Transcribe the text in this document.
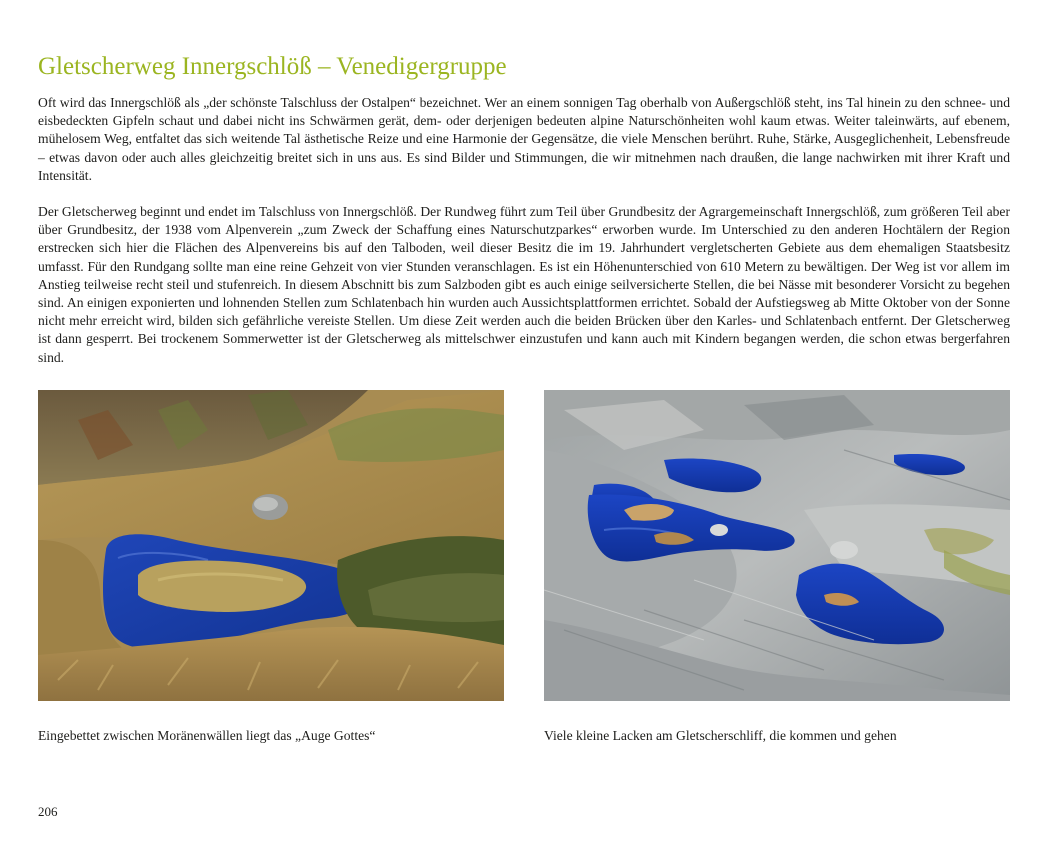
Gletscherweg Innergschlöß – Venedigergruppe

Oft wird das Innergschlöß als „der schönste Talschluss der Ostalpen“ bezeichnet. Wer an einem sonnigen Tag oberhalb von Außergschlöß steht, ins Tal hinein zu den schnee- und eisbedeckten Gipfeln schaut und dabei nicht ins Schwärmen gerät, dem- oder derjenigen bedeuten alpine Naturschönheiten wohl kaum etwas. Weiter taleinwärts, auf ebenem, mühelosem Weg, entfaltet das sich weitende Tal ästhetische Reize und eine Harmonie der Gegensätze, die viele Menschen berührt. Ruhe, Stärke, Ausgeglichenheit, Lebensfreude – etwas davon oder auch alles gleichzeitig breitet sich in uns aus. Es sind Bilder und Stimmungen, die wir mitnehmen nach draußen, die lange nachwirken mit ihrer Kraft und Intensität.

Der Gletscherweg beginnt und endet im Talschluss von Innergschlöß. Der Rundweg führt zum Teil über Grundbesitz der Agrargemeinschaft Innergschlöß, zum größeren Teil aber über Grundbesitz, der 1938 vom Alpenverein „zum Zweck der Schaffung eines Naturschutzparkes“ erworben wurde. Im Unterschied zu den anderen Hochtälern der Region erstrecken sich hier die Flächen des Alpenvereins bis auf den Talboden, weil dieser Besitz die im 19. Jahrhundert vergletscherten Gebiete aus dem ehemaligen Staatsbesitz umfasst. Für den Rundgang sollte man eine reine Gehzeit von vier Stunden veranschlagen. Es ist ein Höhenunterschied von 610 Metern zu bewältigen. Der Weg ist vor allem im Anstieg teilweise recht steil und stufenreich. In diesem Abschnitt bis zum Salzboden gibt es auch einige seilversicherte Stellen, die bei Nässe mit besonderer Vorsicht zu begehen sind. An einigen exponierten und lohnenden Stellen zum Schlatenbach hin wurden auch Aussichtsplattformen errichtet. Sobald der Aufstiegsweg ab Mitte Oktober von der Sonne nicht mehr erreicht wird, bilden sich gefährliche vereiste Stellen. Um diese Zeit werden auch die beiden Brücken über den Karles- und Schlatenbach entfernt. Der Gletscherweg ist dann gesperrt. Bei trockenem Sommerwetter ist der Gletscherweg als mittelschwer einzustufen und kann auch mit Kindern begangen werden, die schon etwas bergerfahren sind.

Eingebettet zwischen Moränenwällen liegt das „Auge Gottes“	Viele kleine Lacken am Gletscherschliff, die kommen und gehen
206
